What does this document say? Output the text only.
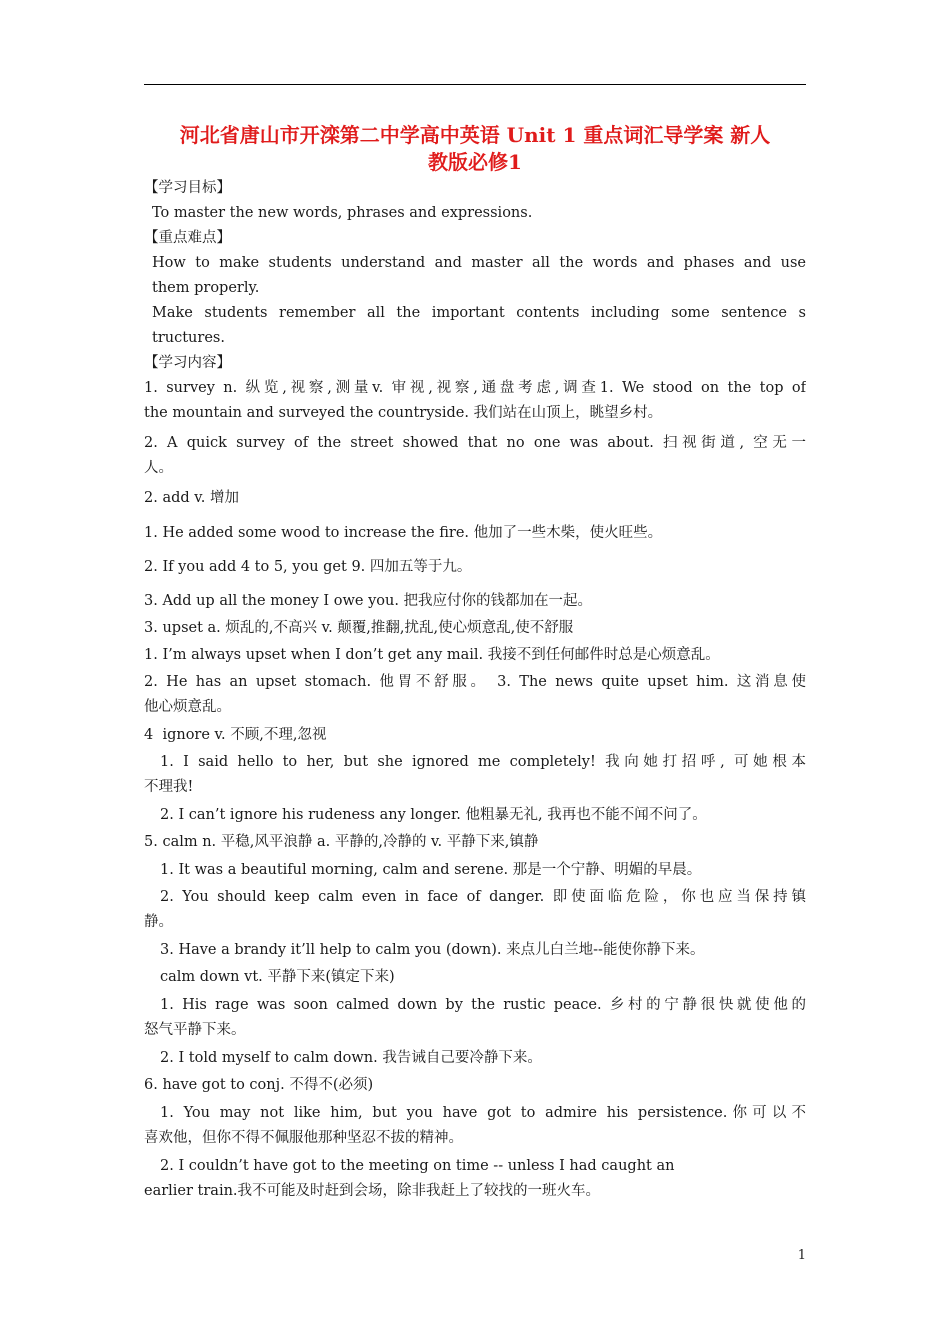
河北省唐山市开滦第二中学高中英语 Unit 1 重点词汇导学案 新人
教版必修1
【学习目标】
To master the new words, phrases and expressions.
【重点难点】
How to make students understand and master all the words and phases and use
them properly.
Make students remember all the important contents including some sentence s
tructures.
【学习内容】
1. survey n. 纵览,视察,测量v. 审视,视察,通盘考虑,调查1. We stood on the top of
the mountain and surveyed the countryside. 我们站在山顶上，眺望乡村。
2. A quick survey of the street showed that no one was about. 扫视街道, 空无一
人。
2. add v. 增加
1. He added some wood to increase the fire. 他加了一些木柴，使火旺些。
2. If you add 4 to 5, you get 9. 四加五等于九。
3. Add up all the money I owe you. 把我应付你的钱都加在一起。
3. upset a. 烦乱的,不高兴 v. 颠覆,推翻,扰乱,使心烦意乱,使不舒服
1. I’m always upset when I don’t get any mail. 我接不到任何邮件时总是心烦意乱。
2. He has an upset stomach. 他胃不舒服。 3. The news quite upset him. 这消息使
他心烦意乱。
4  ignore v. 不顾,不理,忽视
1. I said hello to her, but she ignored me completely! 我向她打招呼, 可她根本
不理我!
2. I can’t ignore his rudeness any longer. 他粗暴无礼, 我再也不能不闻不问了。
5. calm n. 平稳,风平浪静 a. 平静的,冷静的 v. 平静下来,镇静
1. It was a beautiful morning, calm and serene. 那是一个宁静、明媚的早晨。
2. You should keep calm even in face of danger. 即使面临危险，你也应当保持镇
静。
3. Have a brandy it’ll help to calm you (down). 来点儿白兰地--能使你静下来。
calm down vt. 平静下来(镇定下来)
1. His rage was soon calmed down by the rustic peace. 乡村的宁静很快就使他的
怒气平静下来。
2. I told myself to calm down. 我告诫自己要冷静下来。
6. have got to conj. 不得不(必须)
1. You may not like him, but you have got to admire his persistence.你可以不
喜欢他，但你不得不佩服他那种坚忍不拔的精神。
2. I couldn’t have got to the meeting on time -- unless I had caught an
earlier train.我不可能及时赶到会场，除非我赶上了较找的一班火车。
1
